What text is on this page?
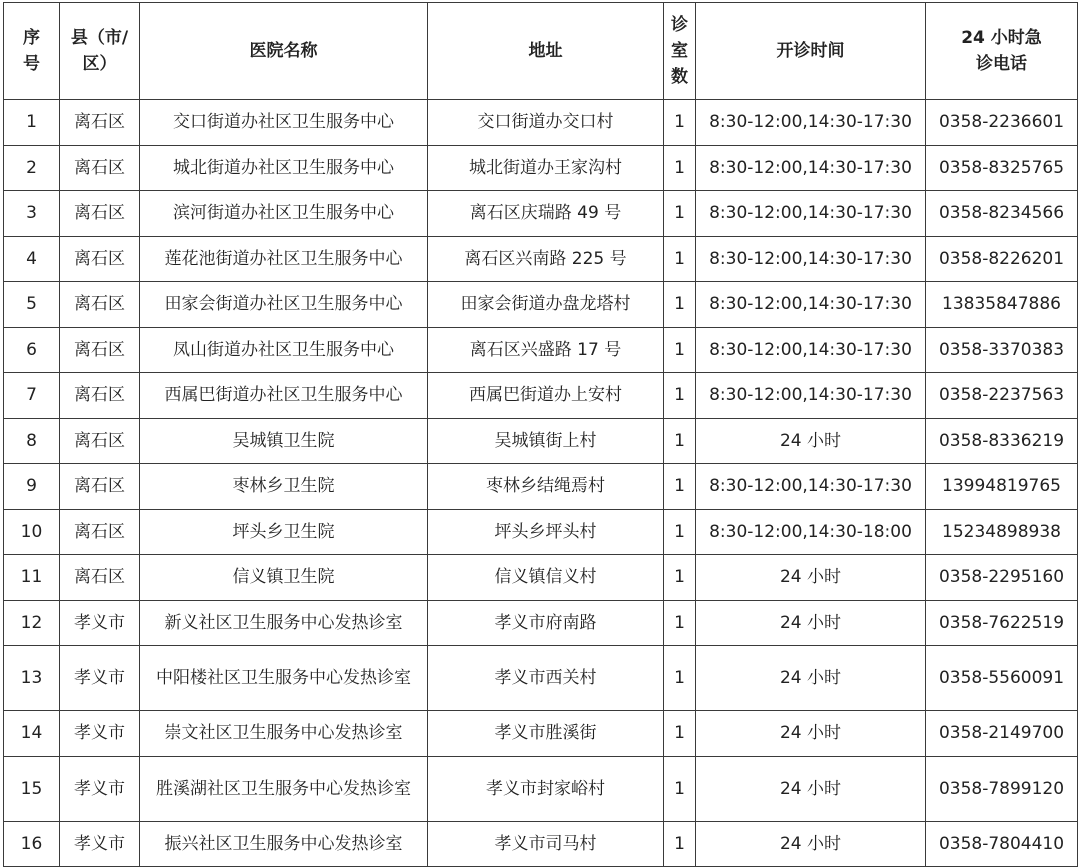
序号	县（市/区）	医院名称	地址	诊室数	开诊时间	24 小时急诊电话
1	离石区	交口街道办社区卫生服务中心	交口街道办交口村	1	8:30-12:00,14:30-17:30	0358-2236601
2	离石区	城北街道办社区卫生服务中心	城北街道办王家沟村	1	8:30-12:00,14:30-17:30	0358-8325765
3	离石区	滨河街道办社区卫生服务中心	离石区庆瑞路 49 号	1	8:30-12:00,14:30-17:30	0358-8234566
4	离石区	莲花池街道办社区卫生服务中心	离石区兴南路 225 号	1	8:30-12:00,14:30-17:30	0358-8226201
5	离石区	田家会街道办社区卫生服务中心	田家会街道办盘龙塔村	1	8:30-12:00,14:30-17:30	13835847886
6	离石区	凤山街道办社区卫生服务中心	离石区兴盛路 17 号	1	8:30-12:00,14:30-17:30	0358-3370383
7	离石区	西属巴街道办社区卫生服务中心	西属巴街道办上安村	1	8:30-12:00,14:30-17:30	0358-2237563
8	离石区	吴城镇卫生院	吴城镇街上村	1	24 小时	0358-8336219
9	离石区	枣林乡卫生院	枣林乡结绳焉村	1	8:30-12:00,14:30-17:30	13994819765
10	离石区	坪头乡卫生院	坪头乡坪头村	1	8:30-12:00,14:30-18:00	15234898938
11	离石区	信义镇卫生院	信义镇信义村	1	24 小时	0358-2295160
12	孝义市	新义社区卫生服务中心发热诊室	孝义市府南路	1	24 小时	0358-7622519
13	孝义市	中阳楼社区卫生服务中心发热诊室	孝义市西关村	1	24 小时	0358-5560091
14	孝义市	崇文社区卫生服务中心发热诊室	孝义市胜溪街	1	24 小时	0358-2149700
15	孝义市	胜溪湖社区卫生服务中心发热诊室	孝义市封家峪村	1	24 小时	0358-7899120
16	孝义市	振兴社区卫生服务中心发热诊室	孝义市司马村	1	24 小时	0358-7804410
